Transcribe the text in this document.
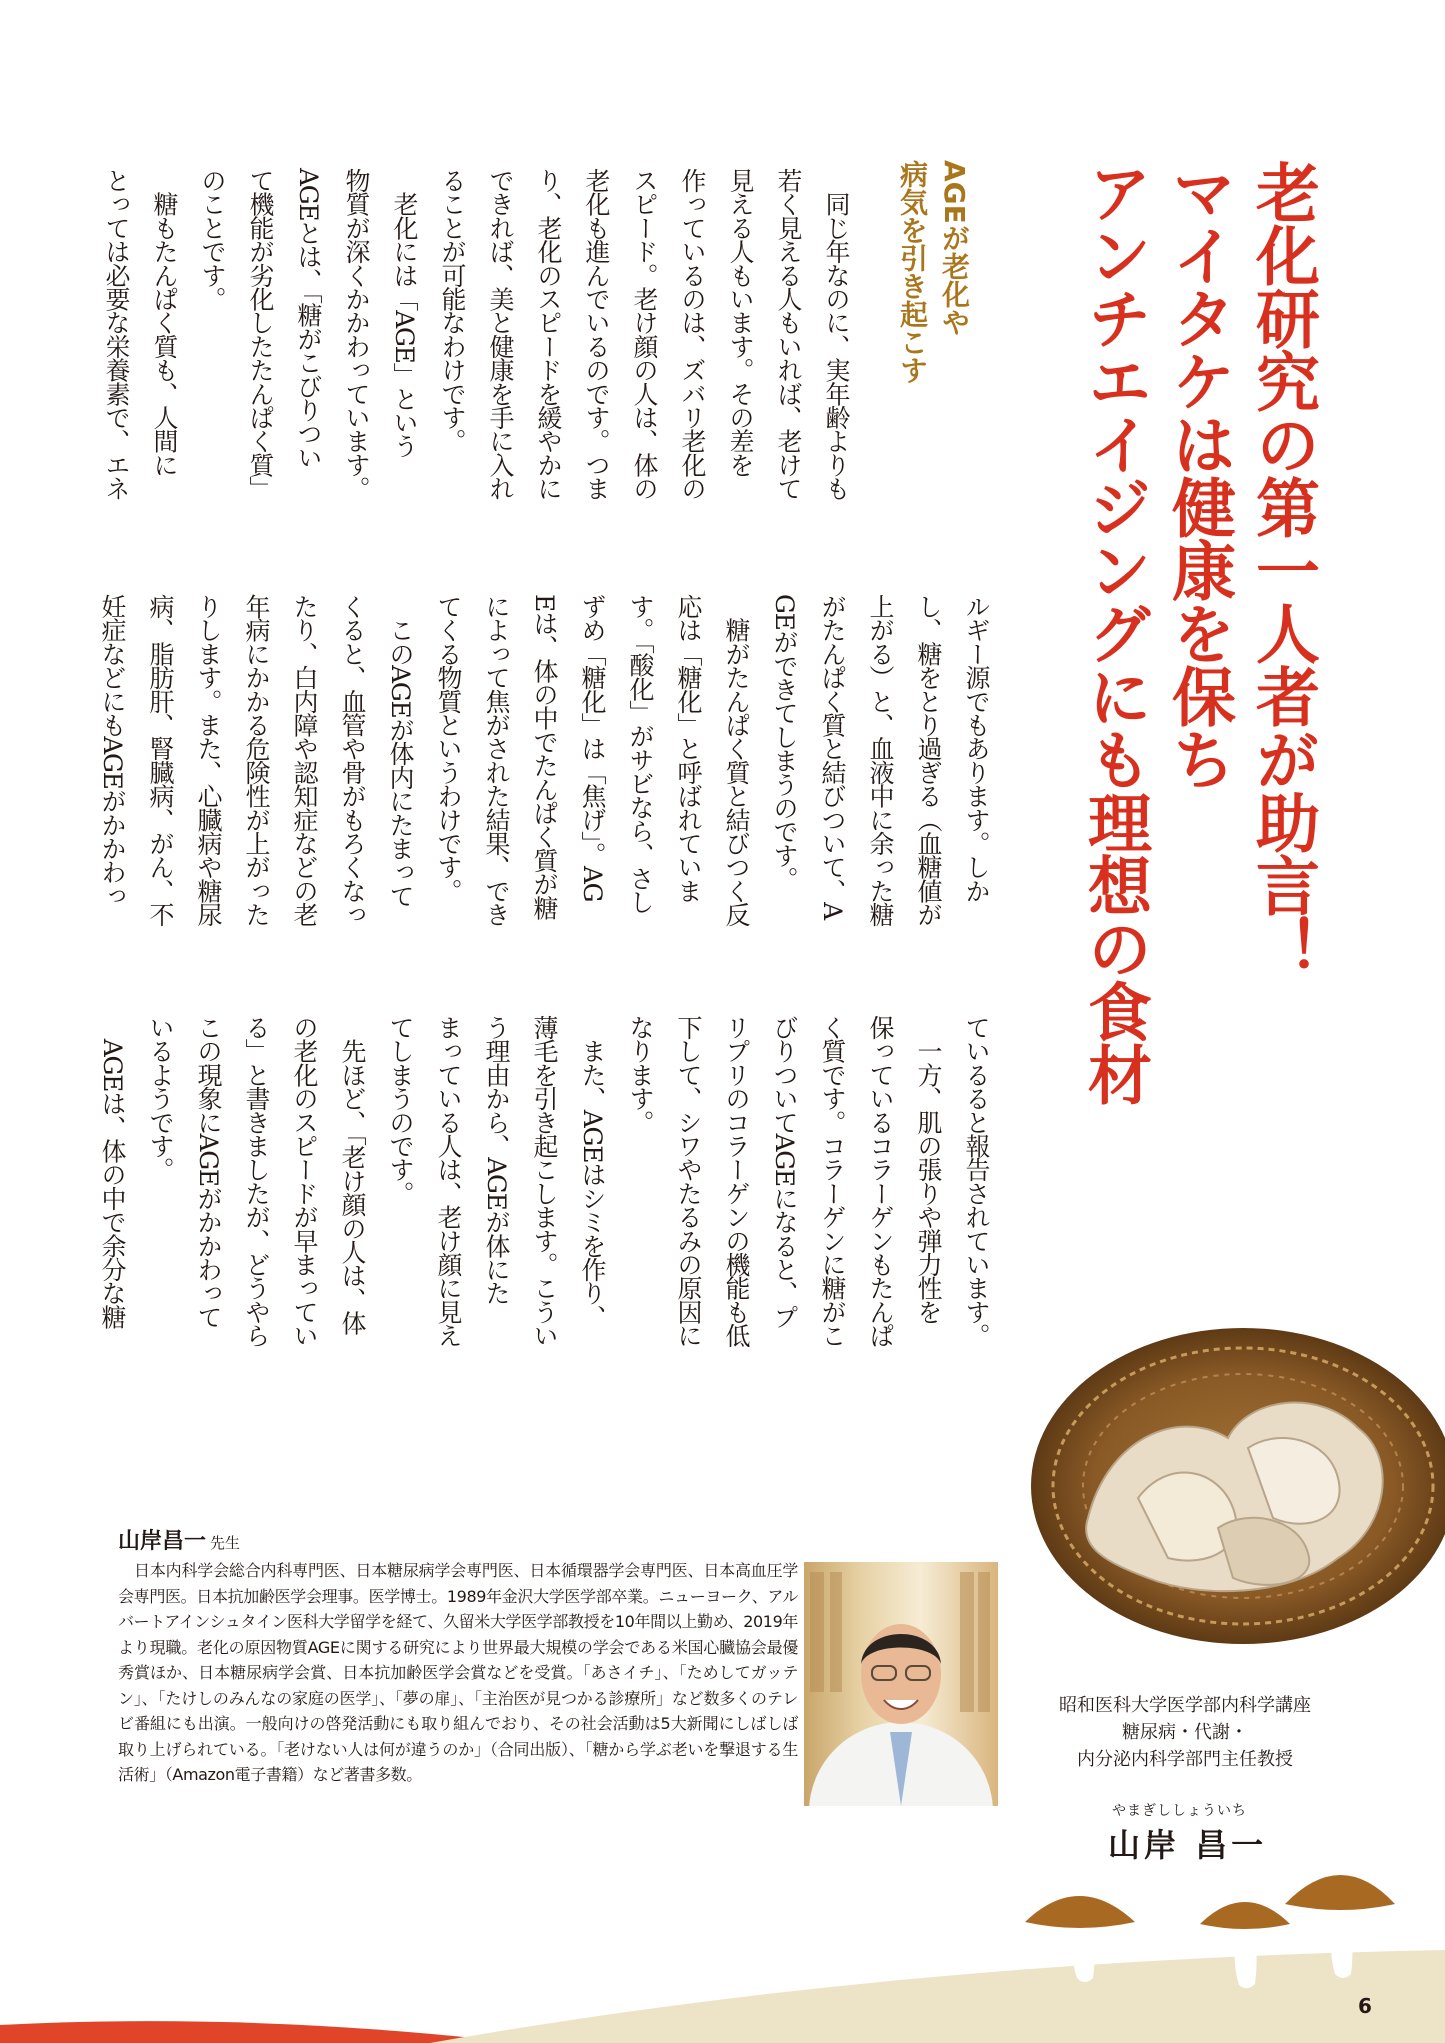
老化研究の第一人者が助言！
マイタケは健康を保ち
アンチエイジングにも理想の食材
AGEが老化や
病気を引き起こす
　同じ年なのに、実年齢よりも
若く見える人もいれば、老けて
見える人もいます。その差を
作っているのは、ズバリ老化の
スピード。老け顔の人は、体の
老化も進んでいるのです。つま
り、老化のスピードを緩やかに
できれば、美と健康を手に入れ
ることが可能なわけです。
　老化には「AGE」という
物質が深くかかわっています。
AGEとは、「糖がこびりつい
て機能が劣化したたんぱく質」
のことです。
　糖もたんぱく質も、人間に
とっては必要な栄養素で、エネ
ルギー源でもあります。しか
し、糖をとり過ぎる（血糖値が
上がる）と、血液中に余った糖
がたんぱく質と結びついて、A
GEができてしまうのです。
　糖がたんぱく質と結びつく反
応は「糖化」と呼ばれていま
す。「酸化」がサビなら、さし
ずめ「糖化」は「焦げ」。AG
Eは、体の中でたんぱく質が糖
によって焦がされた結果、でき
てくる物質というわけです。
　このAGEが体内にたまって
くると、血管や骨がもろくなっ
たり、白内障や認知症などの老
年病にかかる危険性が上がった
りします。また、心臓病や糖尿
病、脂肪肝、腎臓病、がん、不
妊症などにもAGEがかかわっ
ているると報告されています。
　一方、肌の張りや弾力性を
保っているコラーゲンもたんぱ
く質です。コラーゲンに糖がこ
びりついてAGEになると、プ
リプリのコラーゲンの機能も低
下して、シワやたるみの原因に
なります。
　また、AGEはシミを作り、
薄毛を引き起こします。こうい
う理由から、AGEが体にた
まっている人は、老け顔に見え
てしまうのです。
　先ほど、「老け顔の人は、体
の老化のスピードが早まってい
る」と書きましたが、どうやら
この現象にAGEがかかわって
いるようです。
　AGEは、体の中で余分な糖
山岸昌一 先生

日本内科学会総合内科専門医、日本糖尿病学会専門医、日本循環器学会専門医、日本高血圧学会専門医。日本抗加齢医学会理事。医学博士。1989年金沢大学医学部卒業。ニューヨーク、アルバートアインシュタイン医科大学留学を経て、久留米大学医学部教授を10年間以上勤め、2019年より現職。老化の原因物質AGEに関する研究により世界最大規模の学会である米国心臓協会最優秀賞ほか、日本糖尿病学会賞、日本抗加齢医学会賞などを受賞。「あさイチ」、「ためしてガッテン」、「たけしのみんなの家庭の医学」、「夢の扉」、「主治医が見つかる診療所」など数多くのテレビ番組にも出演。一般向けの啓発活動にも取り組んでおり、その社会活動は5大新聞にしばしば取り上げられている。「老けない人は何が違うのか」（合同出版）、「糖から学ぶ老いを撃退する生活術」（Amazon電子書籍）など著書多数。

昭和医科大学医学部内科学講座
糖尿病・代謝・
内分泌内科学部門主任教授
やまぎししょういち
山岸 昌一
6
